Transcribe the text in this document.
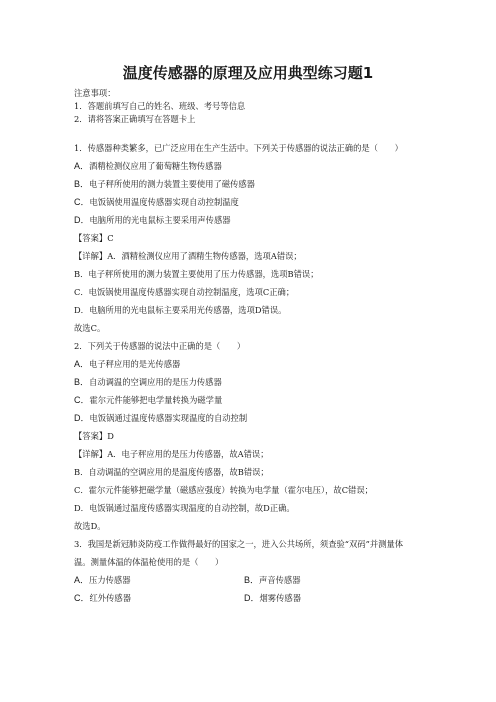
温度传感器的原理及应用典型练习题1
注意事项：
1．答题前填写自己的姓名、班级、考号等信息
2．请将答案正确填写在答题卡上
1．传感器种类繁多，已广泛应用在生产生活中。下列关于传感器的说法正确的是（　　）
A．酒精检测仪应用了葡萄糖生物传感器
B．电子秤所使用的测力装置主要使用了磁传感器
C．电饭锅使用温度传感器实现自动控制温度
D．电脑所用的光电鼠标主要采用声传感器
【答案】C
【详解】A．酒精检测仪应用了酒精生物传感器，选项A错误；
B．电子秤所使用的测力装置主要使用了压力传感器，选项B错误；
C．电饭锅使用温度传感器实现自动控制温度，选项C正确；
D．电脑所用的光电鼠标主要采用光传感器，选项D错误。
故选C。
2．下列关于传感器的说法中正确的是（　　）
A．电子秤应用的是光传感器
B．自动调温的空调应用的是压力传感器
C．霍尔元件能够把电学量转换为磁学量
D．电饭锅通过温度传感器实现温度的自动控制
【答案】D
【详解】A．电子秤应用的是压力传感器，故A错误；
B．自动调温的空调应用的是温度传感器，故B错误；
C．霍尔元件能够把磁学量（磁感应强度）转换为电学量（霍尔电压），故C错误；
D．电饭锅通过温度传感器实现温度的自动控制，故D正确。
故选D。
3．我国是新冠肺炎防疫工作做得最好的国家之一，进入公共场所，须查验“双码”并测量体
温。测量体温的体温枪使用的是（　　）
A．压力传感器	B．声音传感器
C．红外传感器	D．烟雾传感器
